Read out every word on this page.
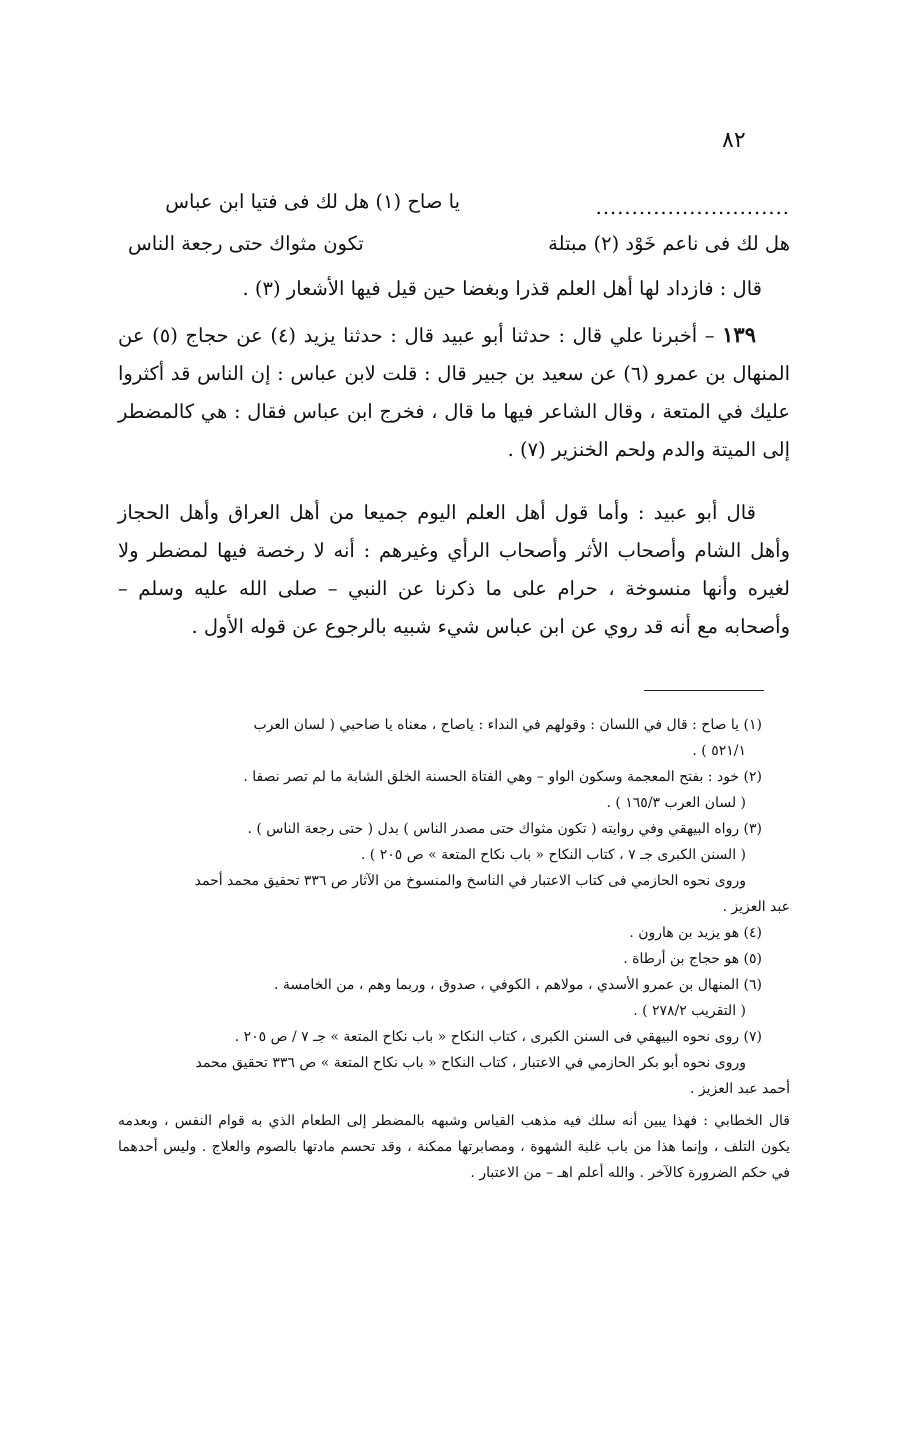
٨٢
يا صاح (١) هل لك فى فتيا ابن عباس	...........................
هل لك فى ناعم خَوْد (٢) مبتلة
تكون مثواك حتى رجعة الناس
قال : فازداد لها أهل العلم قذرا وبغضا حين قيل فيها الأشعار (٣) .
١٣٩ – أخبرنا علي قال : حدثنا أبو عبيد قال : حدثنا يزيد (٤) عن حجاج (٥) عن المنهال بن عمرو (٦) عن سعيد بن جبير قال : قلت لابن عباس : إن الناس قد أكثروا عليك في المتعة ، وقال الشاعر فيها ما قال ، فخرج ابن عباس فقال : هي كالمضطر إلى الميتة والدم ولحم الخنزير (٧) .
قال أبو عبيد : وأما قول أهل العلم اليوم جميعا من أهل العراق وأهل الحجاز وأهل الشام وأصحاب الأثر وأصحاب الرأي وغيرهم : أنه لا رخصة فيها لمضطر ولا لغيره وأنها منسوخة ، حرام على ما ذكرنا عن النبي – صلى الله عليه وسلم – وأصحابه مع أنه قد روي عن ابن عباس شيء شبيه بالرجوع عن قوله الأول .
(١) يا صاح : قال في اللسان : وقولهم في النداء : ياصاح ، معناه يا صاحبي ( لسان العرب
٥٢١/١ ) .
(٢) خود : بفتح المعجمة وسكون الواو – وهي الفتاة الحسنة الخلق الشابة ما لم تصر نصفا .
( لسان العرب ١٦٥/٣ ) .
(٣) رواه البيهقي وفي روايته ( تكون مثواك حتى مصدر الناس ) بدل ( حتى رجعة الناس ) .
( السنن الكبرى جـ ٧ ، كتاب النكاح « باب نكاح المتعة » ص ٢٠٥ ) .
وروى نحوه الحازمي فى كتاب الاعتبار في الناسخ والمنسوخ من الآثار ص ٣٣٦ تحقيق محمد أحمد
عبد العزيز .
(٤) هو يزيد بن هارون .
(٥) هو حجاج بن أرطاة .
(٦) المنهال بن عمرو الأسدي ، مولاهم ، الكوفي ، صدوق ، وربما وهم ، من الخامسة .
( التقريب ٢٧٨/٢ ) .
(٧) روى نحوه البيهقي فى السنن الكبرى ، كتاب النكاح « باب نكاح المتعة » جـ ٧ / ص ٢٠٥ .
وروى نحوه أبو بكر الحازمي في الاعتبار ، كتاب النكاح « باب نكاح المتعة » ص ٣٣٦ تحقيق محمد
أحمد عبد العزيز .
قال الخطابي : فهذا يبين أنه سلك فيه مذهب القياس وشبهه بالمضطر إلى الطعام الذي به قوام النفس ، وبعدمه يكون التلف ، وإنما هذا من باب غلبة الشهوة ، ومصابرتها ممكنة ، وقد تحسم مادتها بالصوم والعلاج . وليس أحدهما في حكم الضرورة كالآخر . والله أعلم اهـ – من الاعتبار .
